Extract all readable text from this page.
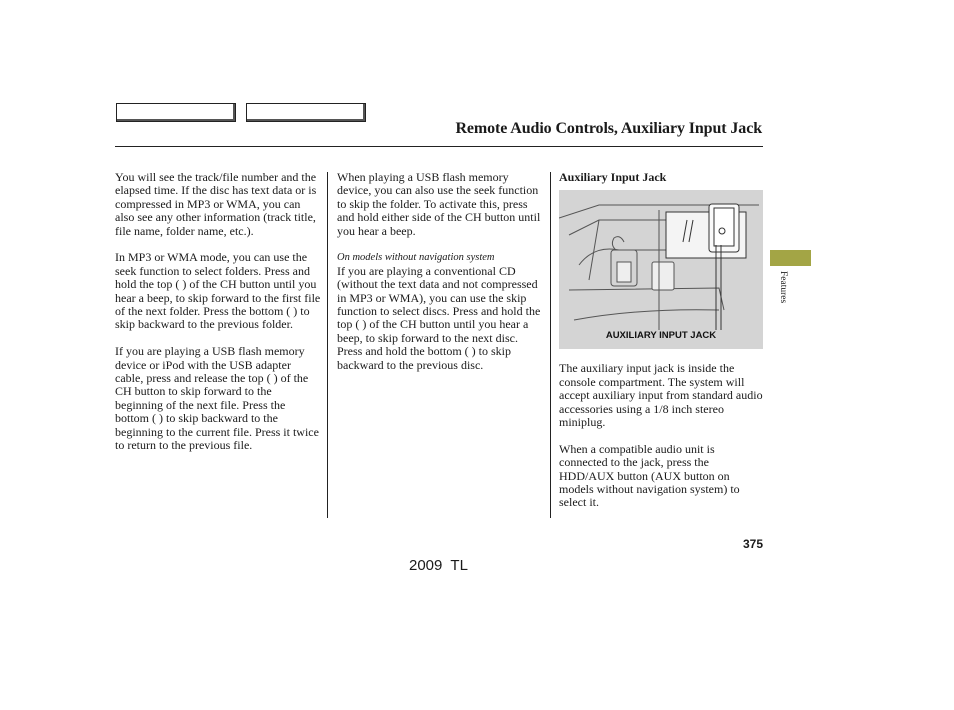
Remote Audio Controls, Auxiliary Input Jack

You will see the track/file number and the elapsed time. If the disc has text data or is compressed in MP3 or WMA, you can also see any other information (track title, file name, folder name, etc.).

In MP3 or WMA mode, you can use the seek function to select folders. Press and hold the top ( ) of the CH button until you hear a beep, to skip forward to the first file of the next folder. Press the bottom ( ) to skip backward to the previous folder.

If you are playing a USB flash memory device or iPod with the USB adapter cable, press and release the top ( ) of the CH button to skip forward to the beginning of the next file. Press the bottom ( ) to skip backward to the beginning to the current file. Press it twice to return to the previous file.

When playing a USB flash memory device, you can also use the seek function to skip the folder. To activate this, press and hold either side of the CH button until you hear a beep.

On models without navigation system

If you are playing a conventional CD (without the text data and not compressed in MP3 or WMA), you can use the skip function to select discs. Press and hold the top ( ) of the CH button until you hear a beep, to skip forward to the next disc. Press and hold the bottom ( ) to skip backward to the previous disc.

Auxiliary Input Jack
AUXILIARY INPUT JACK

The auxiliary input jack is inside the console compartment. The system will accept auxiliary input from standard audio accessories using a 1/8 inch stereo miniplug.

When a compatible audio unit is connected to the jack, press the HDD/AUX button (AUX button on models without navigation system) to select it.

Features
375
2009  TL
